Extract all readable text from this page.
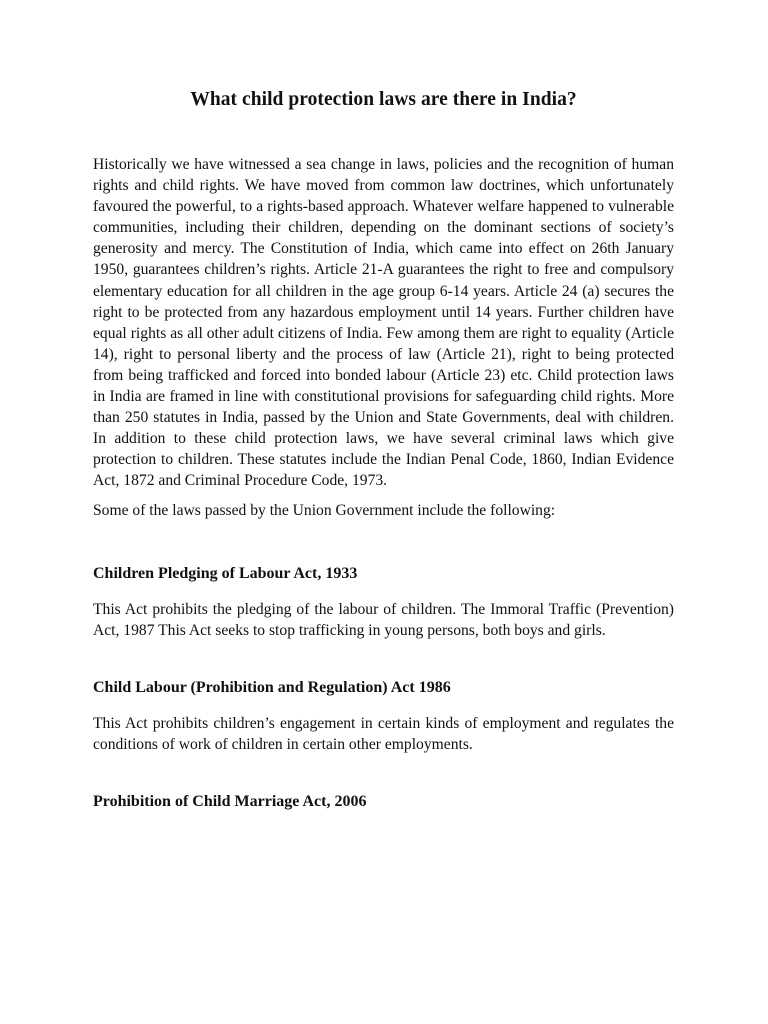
What child protection laws are there in India?

Historically we have witnessed a sea change in laws, policies and the recognition of human rights and child rights. We have moved from common law doctrines, which unfortunately favoured the powerful, to a rights-based approach. Whatever welfare happened to vulnerable communities, including their children, depending on the dominant sections of society’s generosity and mercy. The Constitution of India, which came into effect on 26th January 1950, guarantees children’s rights. Article 21-A guarantees the right to free and compulsory elementary education for all children in the age group 6-14 years. Article 24 (a) secures the right to be protected from any hazardous employment until 14 years. Further children have equal rights as all other adult citizens of India. Few among them are right to equality (Article 14), right to personal liberty and the process of law (Article 21), right to being protected from being trafficked and forced into bonded labour (Article 23) etc. Child protection laws in India are framed in line with constitutional provisions for safeguarding child rights. More than 250 statutes in India, passed by the Union and State Governments, deal with children. In addition to these child protection laws, we have several criminal laws which give protection to children. These statutes include the Indian Penal Code, 1860, Indian Evidence Act, 1872 and Criminal Procedure Code, 1973.

Some of the laws passed by the Union Government include the following:

Children Pledging of Labour Act, 1933

This Act prohibits the pledging of the labour of children. The Immoral Traffic (Prevention) Act, 1987 This Act seeks to stop trafficking in young persons, both boys and girls.

Child Labour (Prohibition and Regulation) Act 1986

This Act prohibits children’s engagement in certain kinds of employment and regulates the conditions of work of children in certain other employments.

Prohibition of Child Marriage Act, 2006
